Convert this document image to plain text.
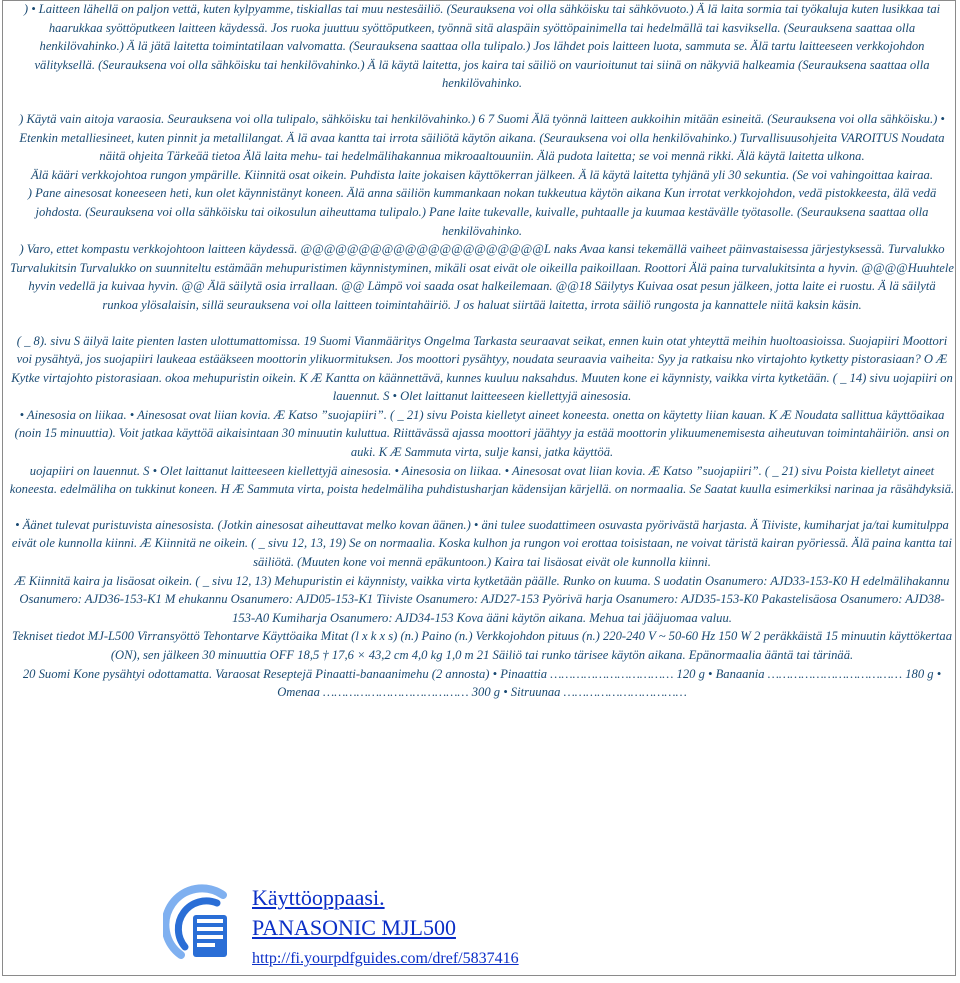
) • Laitteen lähellä on paljon vettä, kuten kylpyamme, tiskiallas tai muu nestesäiliö. (Seurauksena voi olla sähköisku tai sähkövuoto.) Ä lä laita sormia tai työkaluja kuten lusikkaa tai haarukkaa syöttöputkeen laitteen käydessä. Jos ruoka juuttuu syöttöputkeen, työnnä sitä alaspäin syöttöpainimella tai hedelmällä tai kasviksella. (Seurauksena saattaa olla henkilövahinko.) Ä lä jätä laitetta toimintatilaan valvomatta. (Seurauksena saattaa olla tulipalo.) Jos lähdet pois laitteen luota, sammuta se. Älä tartu laitteeseen verkkojohdon välityksellä. (Seurauksena voi olla sähköisku tai henkilövahinko.) Ä lä käytä laitetta, jos kaira tai säiliö on vaurioitunut tai siinä on näkyviä halkeamia (Seurauksena saattaa olla henkilövahinko.

) Käytä vain aitoja varaosia. Seurauksena voi olla tulipalo, sähköisku tai henkilövahinko.) 6 7 Suomi Älä työnnä laitteen aukkoihin mitään esineitä. (Seurauksena voi olla sähköisku.) • Etenkin metalliesineet, kuten pinnit ja metallilangat. Ä lä avaa kantta tai irrota säiliötä käytön aikana. (Seurauksena voi olla henkilövahinko.) Turvallisuusohjeita VAROITUS Noudata näitä ohjeita Tärkeää tietoa Älä laita mehu- tai hedelmälihakannua mikroaaltouuniin. Älä pudota laitetta; se voi mennä rikki. Älä käytä laitetta ulkona.

Älä kääri verkkojohtoa rungon ympärille. Kiinnitä osat oikein. Puhdista laite jokaisen käyttökerran jälkeen. Ä lä käytä laitetta tyhjänä yli 30 sekuntia. (Se voi vahingoittaa kairaa.

) Pane ainesosat koneeseen heti, kun olet käynnistänyt koneen. Älä anna säiliön kummankaan nokan tukkeutua käytön aikana Kun irrotat verkkojohdon, vedä pistokkeesta, älä vedä johdosta. (Seurauksena voi olla sähköisku tai oikosulun aiheuttama tulipalo.) Pane laite tukevalle, kuivalle, puhtaalle ja kuumaa kestävälle työtasolle. (Seurauksena saattaa olla henkilövahinko.

) Varo, ettet kompastu verkkojohtoon laitteen käydessä. @@@@@@@@@@@@@@@@@@@@@L naks Avaa kansi tekemällä vaiheet päinvastaisessa järjestyksessä. Turvalukko Turvalukitsin Turvalukko on suunniteltu estämään mehupuristimen käynnistyminen, mikäli osat eivät ole oikeilla paikoillaan. Roottori Älä paina turvalukitsinta a hyvin. @@@@Huuhtele hyvin vedellä ja kuivaa hyvin. @@ Älä säilytä osia irrallaan. @@ Lämpö voi saada osat halkeilemaan. @@18 Säilytys Kuivaa osat pesun jälkeen, jotta laite ei ruostu. Ä lä säilytä runkoa ylösalaisin, sillä seurauksena voi olla laitteen toimintahäiriö. J os haluat siirtää laitetta, irrota säiliö rungosta ja kannattele niitä kaksin käsin.

( _ 8). sivu S äilyä laite pienten lasten ulottumattomissa. 19 Suomi Vianmääritys Ongelma Tarkasta seuraavat seikat, ennen kuin otat yhteyttä meihin huoltoasioissa. Suojapiiri Moottori voi pysähtyä, jos suojapiiri laukeaa estääkseen moottorin ylikuormituksen. Jos moottori pysähtyy, noudata seuraavia vaiheita: Syy ja ratkaisu nko virtajohto kytketty pistorasiaan? O Æ Kytke virtajohto pistorasiaan. okoa mehupuristin oikein. K Æ Kantta on käännettävä, kunnes kuuluu naksahdus. Muuten kone ei käynnisty, vaikka virta kytketään. ( _ 14) sivu uojapiiri on lauennut. S • Olet laittanut laitteeseen kiellettyjä ainesosia.

• Ainesosia on liikaa. • Ainesosat ovat liian kovia. Æ Katso ”suojapiiri”. ( _ 21) sivu Poista kielletyt aineet koneesta. onetta on käytetty liian kauan. K Æ Noudata sallittua käyttöaikaa (noin 15 minuuttia). Voit jatkaa käyttöä aikaisintaan 30 minuutin kuluttua. Riittävässä ajassa moottori jäähtyy ja estää moottorin ylikuumenemisesta aiheutuvan toimintahäiriön. ansi on auki. K Æ Sammuta virta, sulje kansi, jatka käyttöä.

uojapiiri on lauennut. S • Olet laittanut laitteeseen kiellettyjä ainesosia. • Ainesosia on liikaa. • Ainesosat ovat liian kovia. Æ Katso ”suojapiiri”. ( _ 21) sivu Poista kielletyt aineet koneesta. edelmäliha on tukkinut koneen. H Æ Sammuta virta, poista hedelmäliha puhdistusharjan kädensijan kärjellä. on normaalia. Se Saatat kuulla esimerkiksi narinaa ja räsähdyksiä.

• Äänet tulevat puristuvista ainesosista. (Jotkin ainesosat aiheuttavat melko kovan äänen.) • äni tulee suodattimeen osuvasta pyörivästä harjasta. Ä Tiiviste, kumiharjat ja/tai kumitulppa eivät ole kunnolla kiinni. Æ Kiinnitä ne oikein. ( _ sivu 12, 13, 19) Se on normaalia. Koska kulhon ja rungon voi erottaa toisistaan, ne voivat täristä kairan pyöriessä. Älä paina kantta tai säiliötä. (Muuten kone voi mennä epäkuntoon.) Kaira tai lisäosat eivät ole kunnolla kiinni.

Æ Kiinnitä kaira ja lisäosat oikein. ( _ sivu 12, 13) Mehupuristin ei käynnisty, vaikka virta kytketään päälle. Runko on kuuma. S uodatin Osanumero: AJD33-153-K0 H edelmälihakannu Osanumero: AJD36-153-K1 M ehukannu Osanumero: AJD05-153-K1 Tiiviste Osanumero: AJD27-153 Pyörivä harja Osanumero: AJD35-153-K0 Pakastelisäosa Osanumero: AJD38-153-A0 Kumiharja Osanumero: AJD34-153 Kova ääni käytön aikana. Mehua tai jääjuomaa valuu.

Tekniset tiedot MJ-L500 Virransyöttö Tehontarve Käyttöaika Mitat (l x k x s) (n.) Paino (n.) Verkkojohdon pituus (n.) 220-240 V ~ 50-60 Hz 150 W 2 peräkkäistä 15 minuutin käyttökertaa (ON), sen jälkeen 30 minuuttia OFF 18,5 † 17,6 × 43,2 cm 4,0 kg 1,0 m 21 Säiliö tai runko tärisee käytön aikana. Epänormaalia ääntä tai tärinää.

20 Suomi Kone pysähtyi odottamatta. Varaosat Reseptejä Pinaatti-banaanimehu (2 annosta) • Pinaattia …………………………… 120 g • Banaania ……………………………… 180 g • Omenaa ………………………………… 300 g • Sitruunaa ……………………………

Käyttöoppaasi.
PANASONIC MJL500
http://fi.yourpdfguides.com/dref/5837416
